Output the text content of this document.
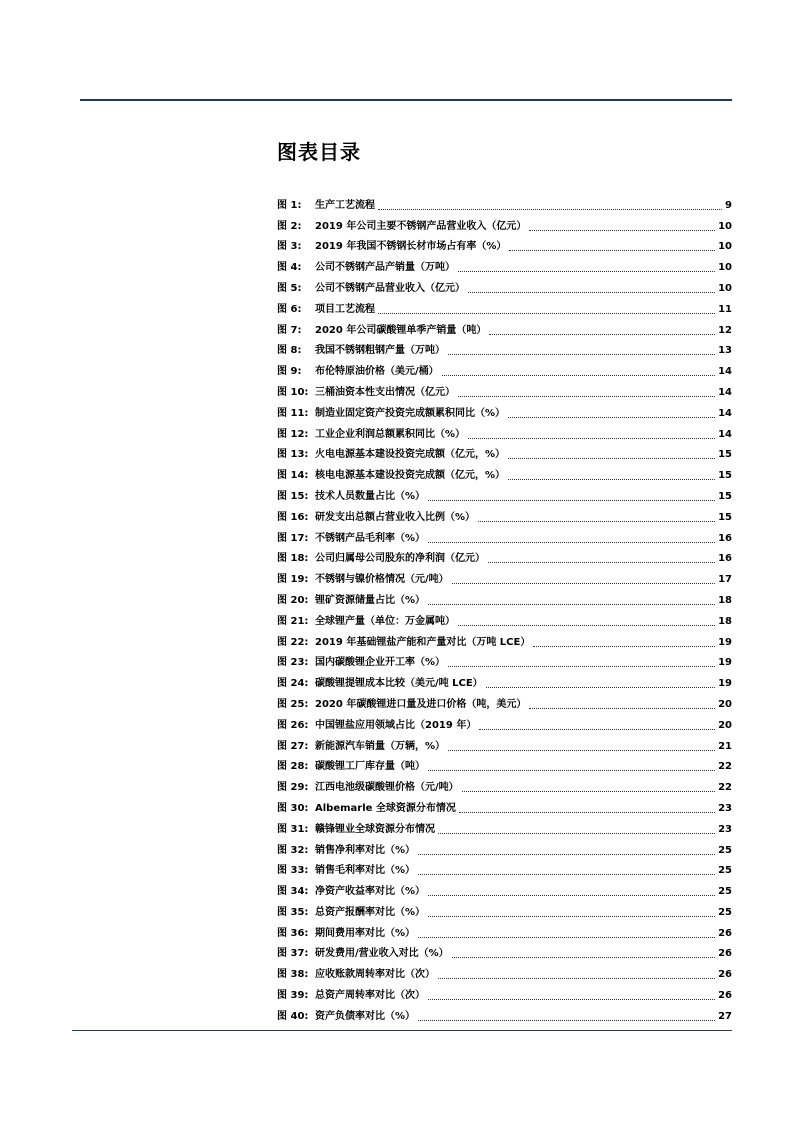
图表目录
图 1:	生产工艺流程	9
图 2:	2019 年公司主要不锈钢产品营业收入（亿元）	10
图 3:	2019 年我国不锈钢长材市场占有率（%）	10
图 4:	公司不锈钢产品产销量（万吨）	10
图 5:	公司不锈钢产品营业收入（亿元）	10
图 6:	项目工艺流程	11
图 7:	2020 年公司碳酸锂单季产销量（吨）	12
图 8:	我国不锈钢粗钢产量（万吨）	13
图 9:	布伦特原油价格（美元/桶）	14
图 10: 三桶油资本性支出情况（亿元）	14
图 11: 制造业固定资产投资完成额累积同比（%）	14
图 12: 工业企业利润总额累积同比（%）	14
图 13: 火电电源基本建设投资完成额（亿元，%）	15
图 14: 核电电源基本建设投资完成额（亿元，%）	15
图 15: 技术人员数量占比（%）	15
图 16: 研发支出总额占营业收入比例（%）	15
图 17: 不锈钢产品毛利率（%）	16
图 18: 公司归属母公司股东的净利润（亿元）	16
图 19: 不锈钢与镍价格情况（元/吨）	17
图 20: 锂矿资源储量占比（%）	18
图 21: 全球锂产量（单位：万金属吨）	18
图 22: 2019 年基础锂盐产能和产量对比（万吨 LCE）	19
图 23: 国内碳酸锂企业开工率（%）	19
图 24: 碳酸锂提锂成本比较（美元/吨 LCE）	19
图 25: 2020 年碳酸锂进口量及进口价格（吨，美元）	20
图 26: 中国锂盐应用领域占比（2019 年）	20
图 27: 新能源汽车销量（万辆，%）	21
图 28: 碳酸锂工厂库存量（吨）	22
图 29: 江西电池级碳酸锂价格（元/吨）	22
图 30: Albemarle 全球资源分布情况	23
图 31: 赣锋锂业全球资源分布情况	23
图 32: 销售净利率对比（%）	25
图 33: 销售毛利率对比（%）	25
图 34: 净资产收益率对比（%）	25
图 35: 总资产报酬率对比（%）	25
图 36: 期间费用率对比（%）	26
图 37: 研发费用/营业收入对比（%）	26
图 38: 应收账款周转率对比（次）	26
图 39: 总资产周转率对比（次）	26
图 40: 资产负债率对比（%）	27
